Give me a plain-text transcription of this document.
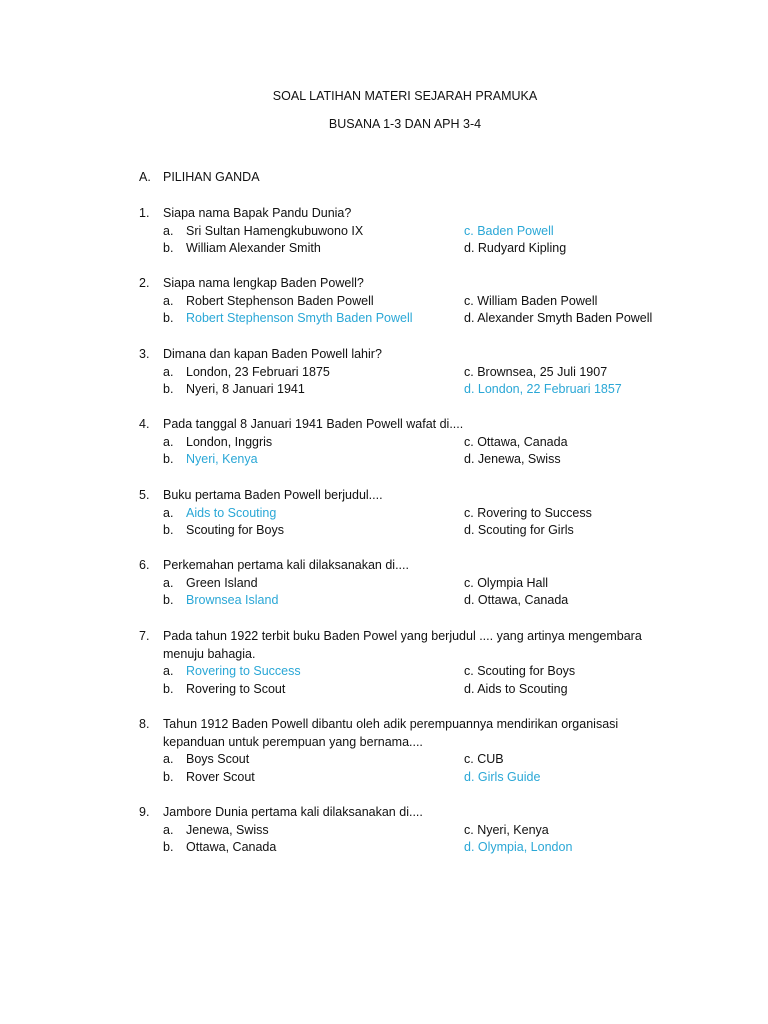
SOAL LATIHAN MATERI SEJARAH PRAMUKA
BUSANA 1-3 DAN APH 3-4
A. PILIHAN GANDA
1. Siapa nama Bapak Pandu Dunia?
a. Sri Sultan Hamengkubuwono IX	c. Baden Powell
b. William Alexander Smith	d. Rudyard Kipling
2. Siapa nama lengkap Baden Powell?
a. Robert Stephenson Baden Powell	c. William Baden Powell
b. Robert Stephenson Smyth Baden Powell	d. Alexander Smyth Baden Powell
3. Dimana dan kapan Baden Powell lahir?
a. London, 23 Februari 1875	c. Brownsea, 25 Juli 1907
b. Nyeri, 8 Januari 1941	d. London, 22 Februari 1857
4. Pada tanggal 8 Januari 1941 Baden Powell wafat di....
a. London, Inggris	c. Ottawa, Canada
b. Nyeri, Kenya	d. Jenewa, Swiss
5. Buku pertama Baden Powell berjudul....
a. Aids to Scouting	c. Rovering to Success
b. Scouting for Boys	d. Scouting for Girls
6. Perkemahan pertama kali dilaksanakan di....
a. Green Island	c. Olympia Hall
b. Brownsea Island	d. Ottawa, Canada
7. Pada tahun 1922 terbit buku Baden Powel yang berjudul .... yang artinya mengembara menuju bahagia.
a. Rovering to Success	c. Scouting for Boys
b. Rovering to Scout	d. Aids to Scouting
8. Tahun 1912 Baden Powell dibantu oleh adik perempuannya mendirikan organisasi kepanduan untuk perempuan yang bernama....
a. Boys Scout	c. CUB
b. Rover Scout	d. Girls Guide
9. Jambore Dunia pertama kali dilaksanakan di....
a. Jenewa, Swiss	c. Nyeri, Kenya
b. Ottawa, Canada	d. Olympia, London
